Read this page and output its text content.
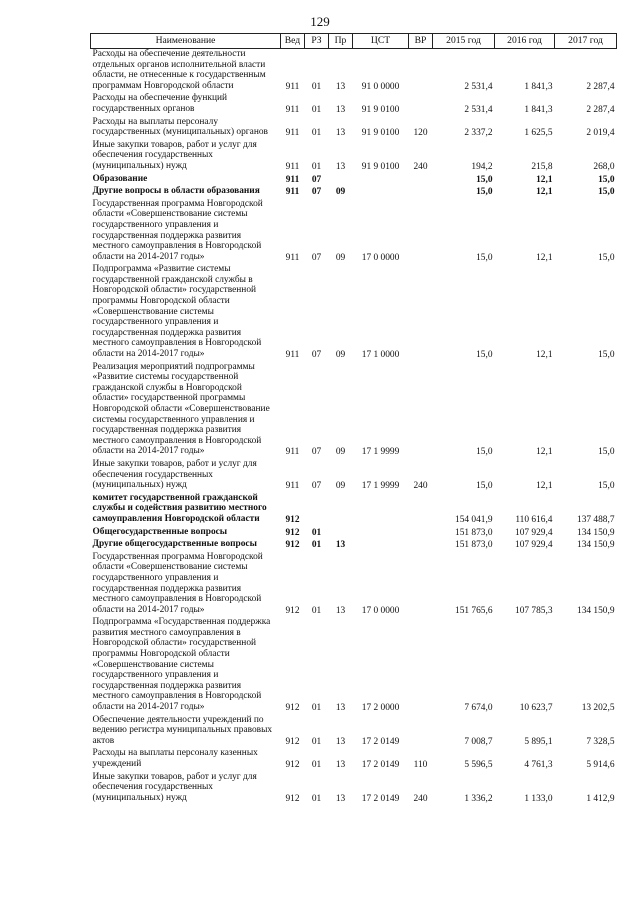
129
Наименование	Вед	РЗ	Пр	ЦСТ	ВР	2015 год	2016 год	2017 год
Расходы на обеспечение деятельности отдельных органов исполнительной власти области, не отнесенные к государственным программам Новгородской области	911	01	13	91 0 0000		2 531,4	1 841,3	2 287,4
Расходы на обеспечение функций государственных органов	911	01	13	91 9 0100		2 531,4	1 841,3	2 287,4
Расходы на выплаты персоналу государственных (муниципальных) органов	911	01	13	91 9 0100	120	2 337,2	1 625,5	2 019,4
Иные закупки товаров, работ и услуг для обеспечения государственных (муниципальных) нужд	911	01	13	91 9 0100	240	194,2	215,8	268,0
Образование	911	07				15,0	12,1	15,0
Другие вопросы в области образования	911	07	09			15,0	12,1	15,0
Государственная программа Новгородской области «Совершенствование системы государственного управления и государственная поддержка развития местного самоуправления в Новгородской области на 2014-2017 годы»	911	07	09	17 0 0000		15,0	12,1	15,0
Подпрограмма «Развитие системы государственной гражданской службы в Новгородской области» государственной программы Новгородской области «Совершенствование системы государственного управления и государственная поддержка развития местного самоуправления в Новгородской области на 2014-2017 годы»	911	07	09	17 1 0000		15,0	12,1	15,0
Реализация мероприятий подпрограммы «Развитие системы государственной гражданской службы в Новгородской области» государственной программы Новгородской области «Совершенствование системы государственного управления и государственная поддержка развития местного самоуправления в Новгородской области на 2014-2017 годы»	911	07	09	17 1 9999		15,0	12,1	15,0
Иные закупки товаров, работ и услуг для обеспечения государственных (муниципальных) нужд	911	07	09	17 1 9999	240	15,0	12,1	15,0
комитет государственной гражданской службы и содействия развитию местного самоуправления Новгородской области	912					154 041,9	110 616,4	137 488,7
Общегосударственные вопросы	912	01				151 873,0	107 929,4	134 150,9
Другие общегосударственные вопросы	912	01	13			151 873,0	107 929,4	134 150,9
Государственная программа Новгородской области «Совершенствование системы государственного управления и государственная поддержка развития местного самоуправления в Новгородской области на 2014-2017 годы»	912	01	13	17 0 0000		151 765,6	107 785,3	134 150,9
Подпрограмма «Государственная поддержка развития местного самоуправления в Новгородской области» государственной программы Новгородской области «Совершенствование системы государственного управления и государственная поддержка развития местного самоуправления в Новгородской области на 2014-2017 годы»	912	01	13	17 2 0000		7 674,0	10 623,7	13 202,5
Обеспечение деятельности учреждений по ведению регистра муниципальных правовых актов	912	01	13	17 2 0149		7 008,7	5 895,1	7 328,5
Расходы на выплаты персоналу казенных учреждений	912	01	13	17 2 0149	110	5 596,5	4 761,3	5 914,6
Иные закупки товаров, работ и услуг для обеспечения государственных (муниципальных) нужд	912	01	13	17 2 0149	240	1 336,2	1 133,0	1 412,9
